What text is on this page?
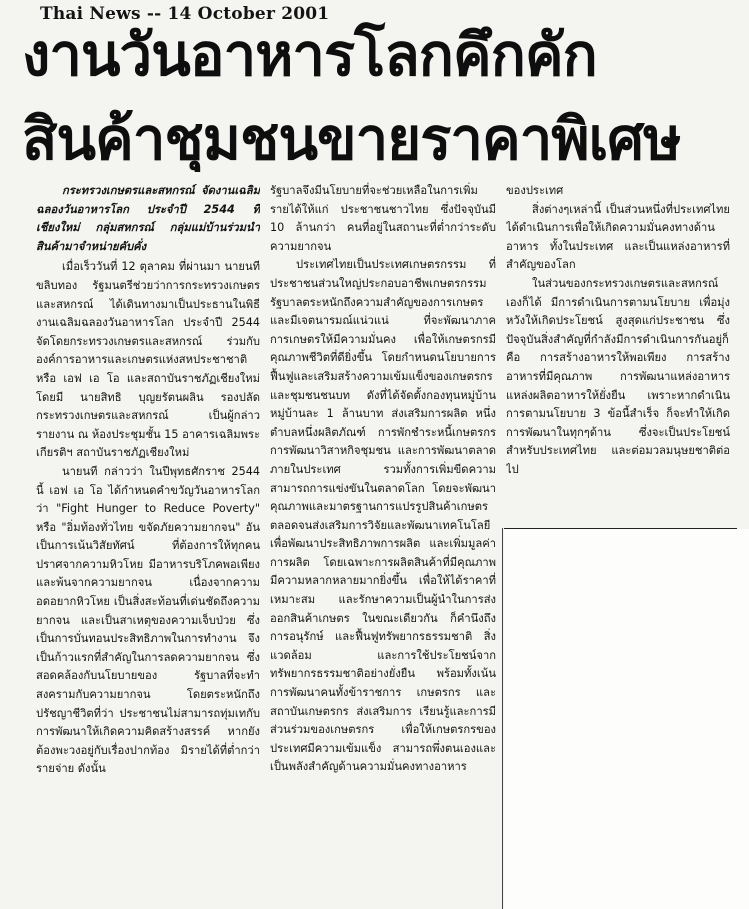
Thai News -- 14 October 2001
งานวันอาหารโลกคึกคัก
สินค้าชุมชนขายราคาพิเศษ

กระทรวงเกษตรและสหกรณ์ จัดงานเฉลิมฉลองวันอาหารโลก ประจำปี 2544 ที่เชียงใหม่ กลุ่มสหกรณ์ กลุ่มแม่บ้านร่วมนำสินค้ามาจำหน่ายคับคั่ง

เมื่อเร็ววันที่ 12 ตุลาคม ที่ผ่านมา นายนที ขลิบทอง รัฐมนตรีช่วยว่าการกระทรวงเกษตรและสหกรณ์ ได้เดินทางมาเป็นประธานในพิธีงานเฉลิมฉลองวันอาหารโลก ประจำปี 2544 จัดโดยกระทรวงเกษตรและสหกรณ์ ร่วมกับองค์การอาหารและเกษตรแห่งสหประชาชาติ หรือ เอฟ เอ โอ และสถาบันราชภัฏเชียงใหม่ โดยมี นายสิทธิ บุญยรัตนผลิน รองปลัดกระทรวงเกษตรและสหกรณ์ เป็นผู้กล่าวรายงาน ณ ห้องประชุมชั้น 15 อาคารเฉลิมพระเกียรติฯ สถาบันราชภัฏเชียงใหม่

นายนที กล่าวว่า ในปีพุทธศักราช 2544 นี้ เอฟ เอ โอ ได้กำหนดคำขวัญวันอาหารโลก ว่า "Fight Hunger to Reduce Poverty" หรือ "อิ่มท้องทั่วไทย ขจัดภัยความยากจน" อันเป็นการเน้นวิสัยทัศน์ ที่ต้องการให้ทุกคนปราศจากความหิวโหย มีอาหารบริโภคพอเพียง และพ้นจากความยากจน เนื่องจากความอดอยากหิวโหย เป็นสิ่งสะท้อนที่เด่นชัดถึงความยากจน และเป็นสาเหตุของความเจ็บป่วย ซึ่งเป็นการบั่นทอนประสิทธิภาพในการทำงาน จึงเป็นก้าวแรกที่สำคัญในการลดความยากจน ซึ่งสอดคล้องกับนโยบายของ รัฐบาลที่จะทำสงครามกับความยากจน โดยตระหนักถึงปรัชญาชีวิตที่ว่า ประชาชนไม่สามารถทุ่มเทกับการพัฒนาให้เกิดความคิดสร้างสรรค์ หากยังต้องพะวงอยู่กับเรื่องปากท้อง มิรายได้ที่ต่ำกว่ารายจ่าย ดังนั้น

รัฐบาลจึงมีนโยบายที่จะช่วยเหลือในการเพิ่มรายได้ให้แก่ ประชาชนชาวไทย ซึ่งปัจจุบันมี 10 ล้านกว่า คนที่อยู่ในสถานะที่ต่ำกว่าระดับความยากจน

ประเทศไทยเป็นประเทศเกษตรกรรม ที่ประชาชนส่วนใหญ่ประกอบอาชีพเกษตรกรรม รัฐบาลตระหนักถึงความสำคัญของการเกษตร และมีเจตนารมณ์แน่วแน่ ที่จะพัฒนาภาคการเกษตรให้มีความมั่นคง เพื่อให้เกษตรกรมีคุณภาพชีวิตที่ดียิ่งขึ้น โดยกำหนดนโยบายการฟื้นฟูและเสริมสร้างความเข้มแข็งของเกษตรกร และชุมชนชนบท ดังที่ได้จัดตั้งกองทุนหมู่บ้าน หมู่บ้านละ 1 ล้านบาท ส่งเสริมการผลิต หนึ่งตำบลหนึ่งผลิตภัณฑ์ การพักชำระหนี้เกษตรกร การพัฒนาวิสาหกิจชุมชน และการพัฒนาตลาดภายในประเทศ รวมทั้งการเพิ่มขีดความสามารถการแข่งขันในตลาดโลก โดยจะพัฒนาคุณภาพและมาตรฐานการแปรรูปสินค้าเกษตร ตลอดจนส่งเสริมการวิจัยและพัฒนาเทคโนโลยี เพื่อพัฒนาประสิทธิภาพการผลิต และเพิ่มมูลค่าการผลิต โดยเฉพาะการผลิตสินค้าที่มีคุณภาพ มีความหลากหลายมากยิ่งขึ้น เพื่อให้ได้ราคาที่เหมาะสม และรักษาความเป็นผู้นำในการส่งออกสินค้าเกษตร ในขณะเดียวกัน ก็คำนึงถึงการอนุรักษ์ และฟื้นฟูทรัพยากรธรรมชาติ สิ่งแวดล้อม และการใช้ประโยชน์จากทรัพยากรธรรมชาติอย่างยั่งยืน พร้อมทั้งเน้นการพัฒนาคนทั้งข้าราชการ เกษตรกร และสถาบันเกษตรกร ส่งเสริมการ เรียนรู้และการมีส่วนร่วมของเกษตรกร เพื่อให้เกษตรกรของประเทศมีความเข้มแข็ง สามารถพึ่งตนเองและเป็นพลังสำคัญด้านความมั่นคงทางอาหาร

ของประเทศ

สิ่งต่างๆเหล่านี้ เป็นส่วนหนึ่งที่ประเทศไทยได้ดำเนินการเพื่อให้เกิดความมั่นคงทางด้านอาหาร ทั้งในประเทศ และเป็นแหล่งอาหารที่สำคัญของโลก

ในส่วนของกระทรวงเกษตรและสหกรณ์เองก็ได้ มีการดำเนินการตามนโยบาย เพื่อมุ่งหวังให้เกิดประโยชน์ สูงสุดแก่ประชาชน ซึ่งปัจจุบันสิ่งสำคัญที่กำลังมีการดำเนินการกันอยู่ก็คือ การสร้างอาหารให้พอเพียง การสร้างอาหารที่มีคุณภาพ การพัฒนาแหล่งอาหาร แหล่งผลิตอาหารให้ยั่งยืน เพราะหากดำเนินการตามนโยบาย 3 ข้อนี้สำเร็จ ก็จะทำให้เกิดการพัฒนาในทุกๆด้าน ซึ่งจะเป็นประโยชน์สำหรับประเทศไทย และต่อมวลมนุษยชาติต่อไป
